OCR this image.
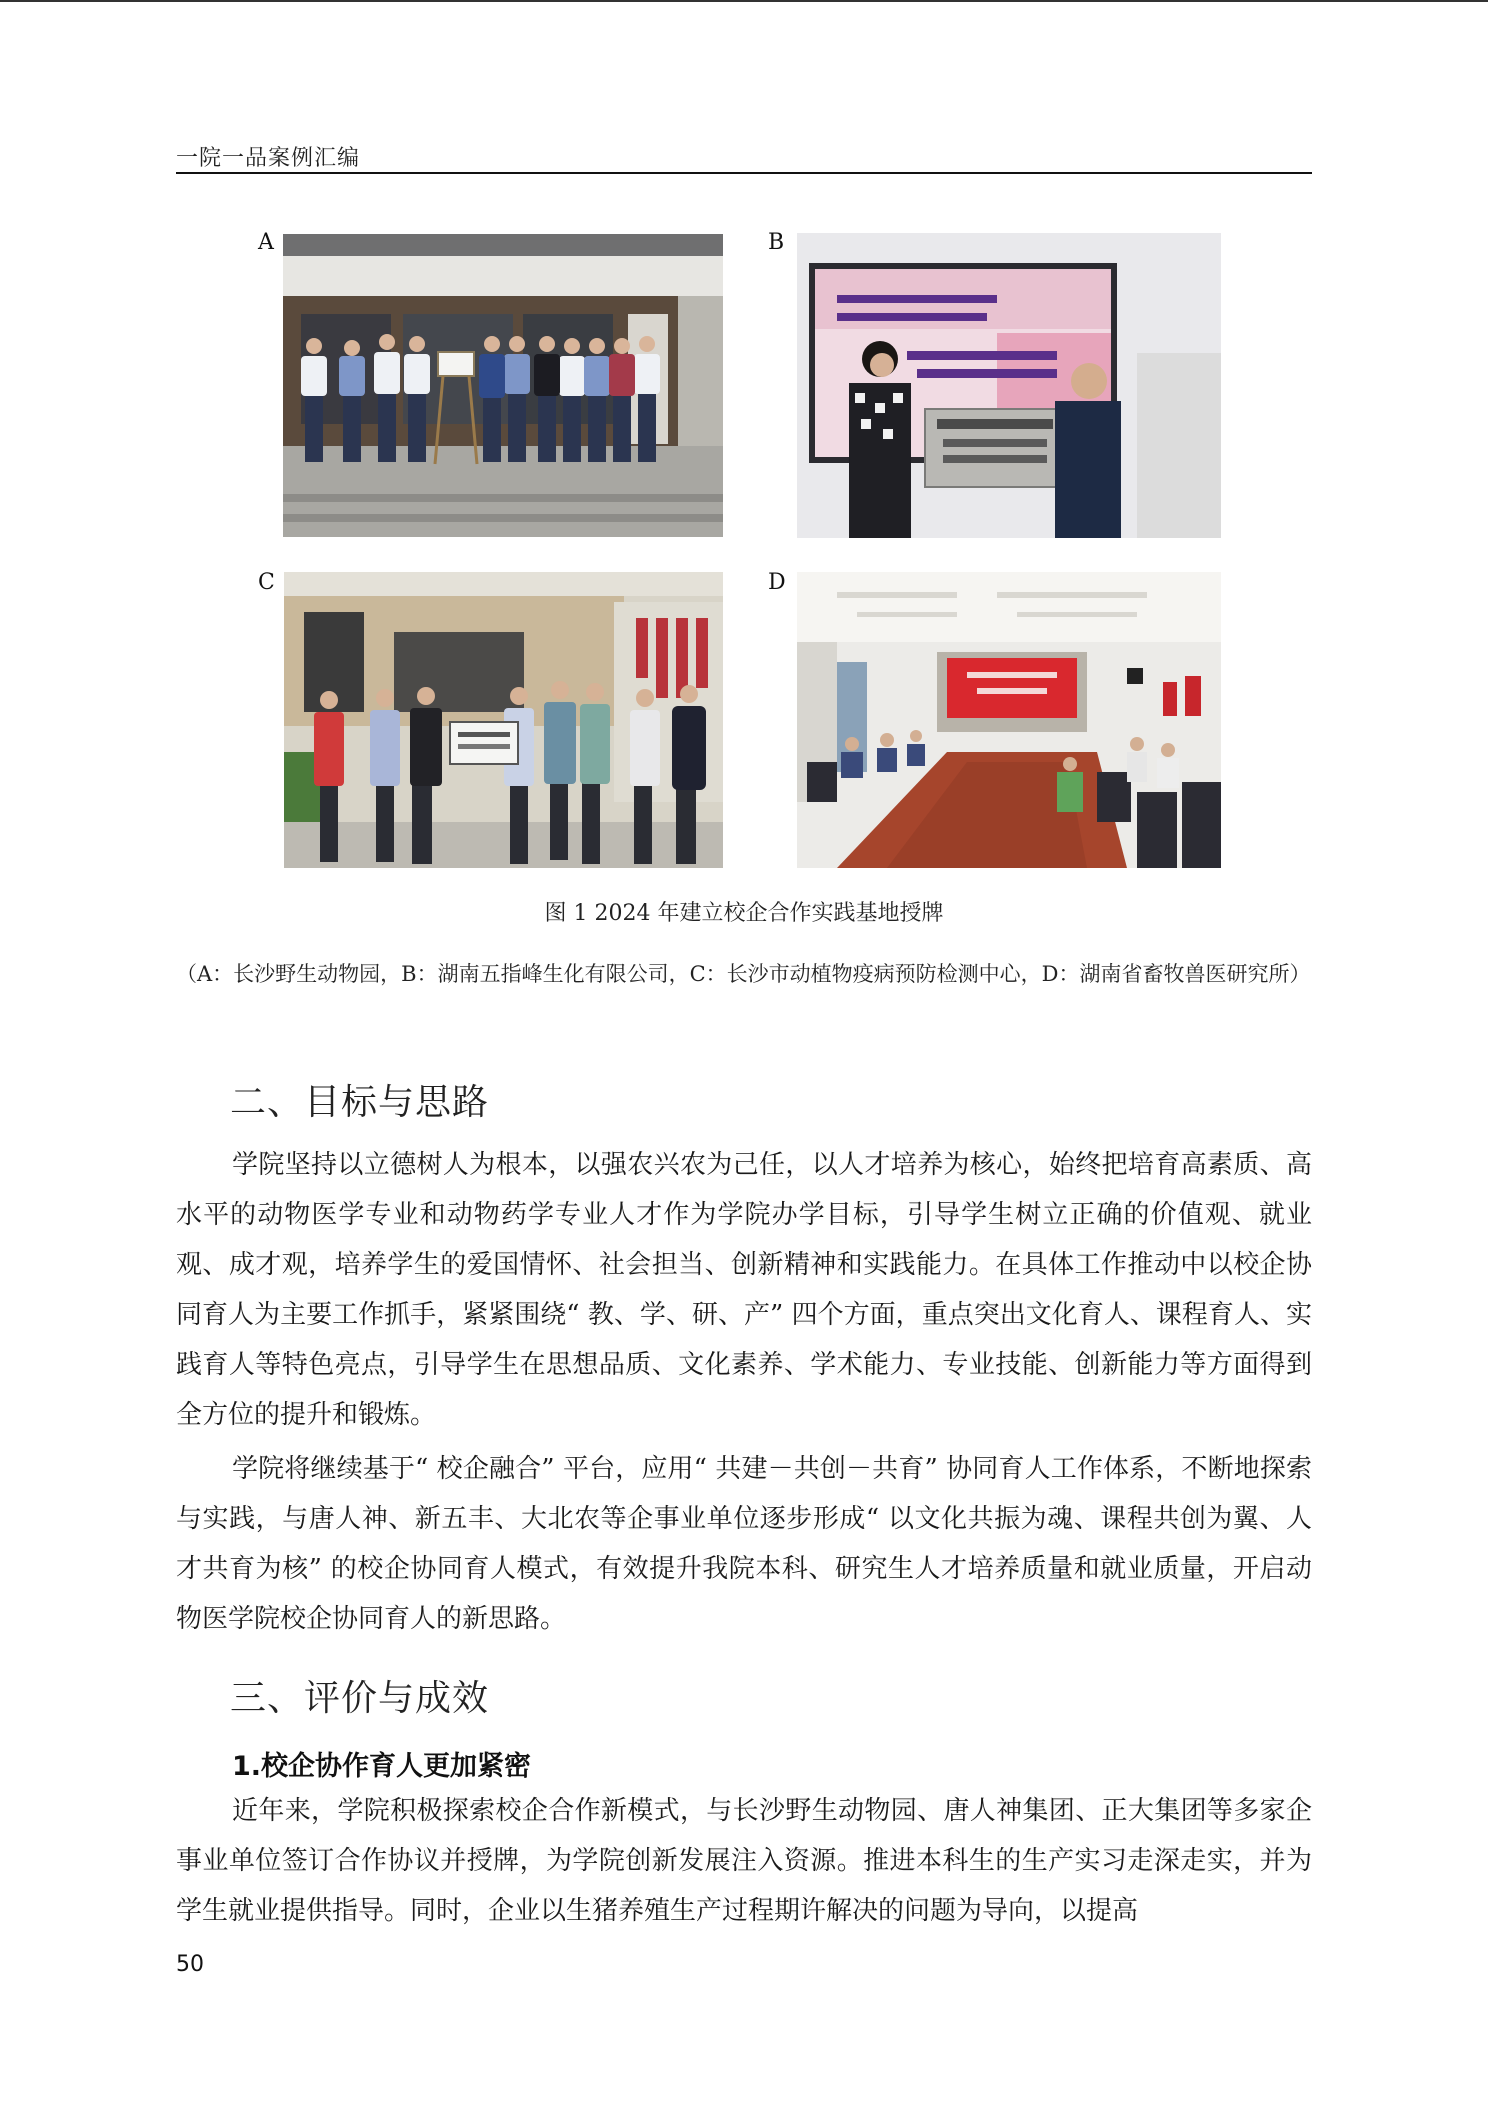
一院一品案例汇编
A	B
C	D
图 1 2024 年建立校企合作实践基地授牌
（A：长沙野生动物园，B：湖南五指峰生化有限公司，C：长沙市动植物疫病预防检测中心，D：湖南省畜牧兽医研究所）
二、目标与思路

学院坚持以立德树人为根本，以强农兴农为己任，以人才培养为核心，始终把培育高素质、高水平的动物医学专业和动物药学专业人才作为学院办学目标，引导学生树立正确的价值观、就业观、成才观，培养学生的爱国情怀、社会担当、创新精神和实践能力。在具体工作推动中以校企协同育人为主要工作抓手，紧紧围绕“ 教、学、研、产” 四个方面，重点突出文化育人、课程育人、实践育人等特色亮点，引导学生在思想品质、文化素养、学术能力、专业技能、创新能力等方面得到全方位的提升和锻炼。

学院将继续基于“ 校企融合” 平台，应用“ 共建－共创－共育” 协同育人工作体系，不断地探索与实践，与唐人神、新五丰、大北农等企事业单位逐步形成“ 以文化共振为魂、课程共创为翼、人才共育为核” 的校企协同育人模式，有效提升我院本科、研究生人才培养质量和就业质量，开启动物医学院校企协同育人的新思路。

三、评价与成效
1.校企协作育人更加紧密

近年来，学院积极探索校企合作新模式，与长沙野生动物园、唐人神集团、正大集团等多家企事业单位签订合作协议并授牌，为学院创新发展注入资源。推进本科生的生产实习走深走实，并为学生就业提供指导。同时，企业以生猪养殖生产过程期许解决的问题为导向，以提高

50
